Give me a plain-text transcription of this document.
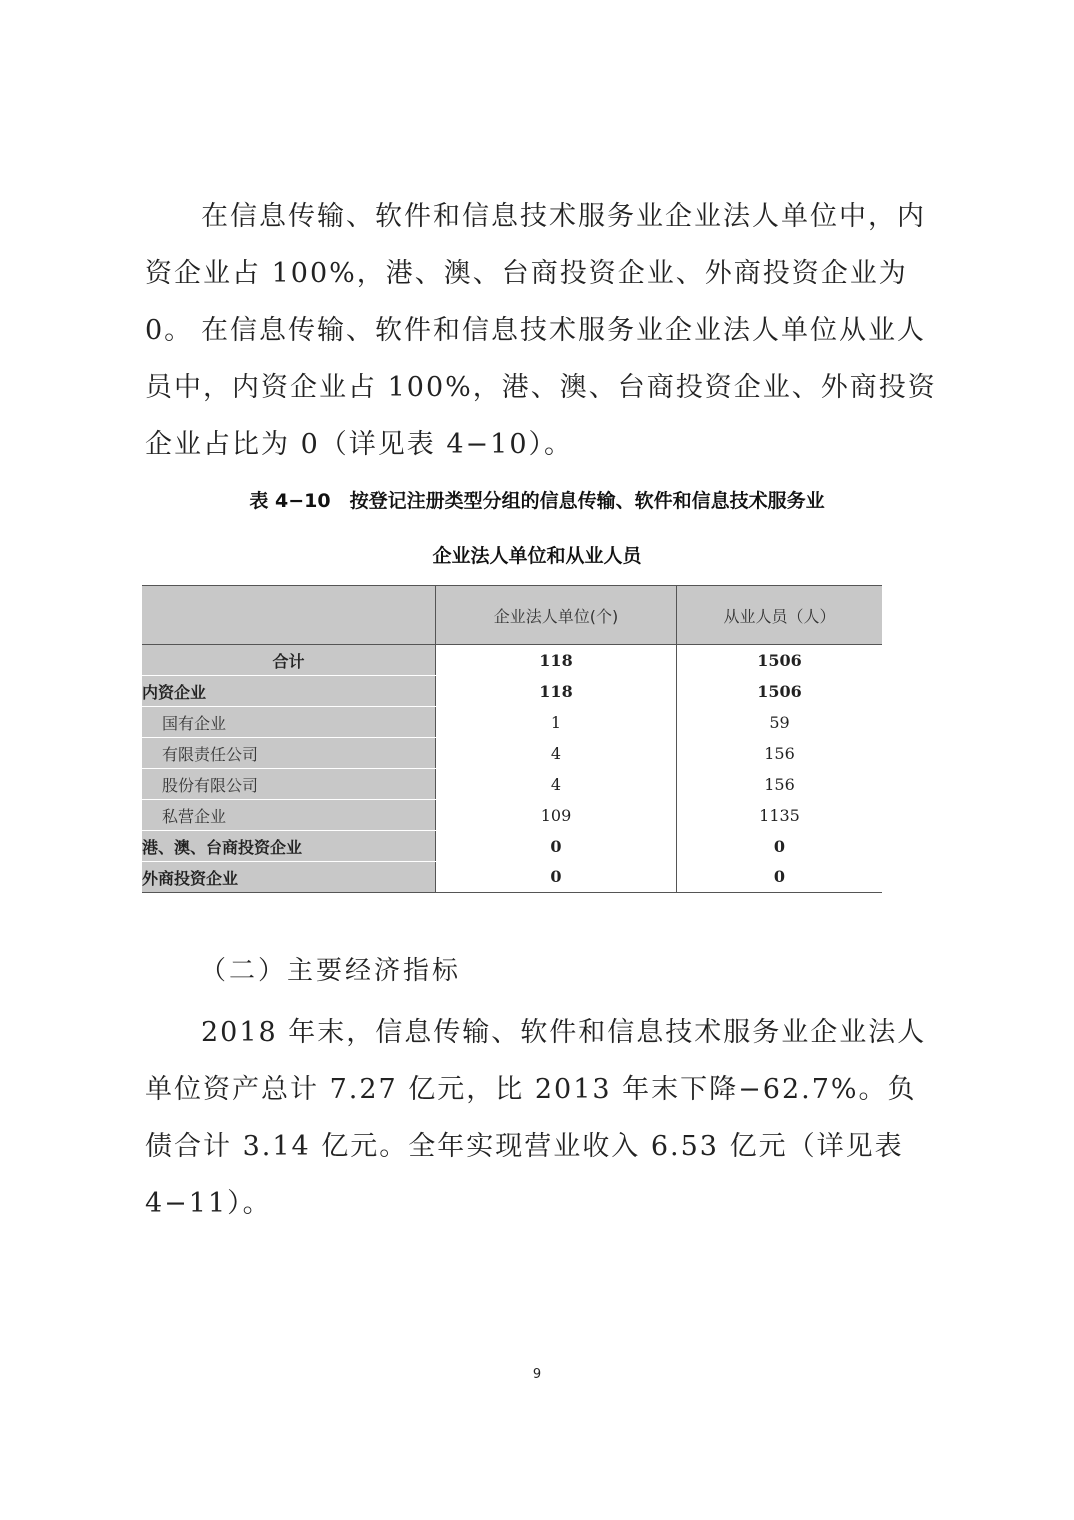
在信息传输、软件和信息技术服务业企业法人单位中，内资企业占 100%，港、澳、台商投资企业、外商投资企业为 0。 在信息传输、软件和信息技术服务业企业法人单位从业人员中，内资企业占 100%，港、澳、台商投资企业、外商投资企业占比为 0（详见表 4−10）。

表 4−10　按登记注册类型分组的信息传输、软件和信息技术服务业
企业法人单位和从业人员
	企业法人单位(个)	从业人员（人）
合计	118	1506
内资企业	118	1506
国有企业	1	59
有限责任公司	4	156
股份有限公司	4	156
私营企业	109	1135
港、澳、台商投资企业	0	0
外商投资企业	0	0
（二）主要经济指标

2018 年末，信息传输、软件和信息技术服务业企业法人单位资产总计 7.27 亿元，比 2013 年末下降−62.7%。负债合计 3.14 亿元。全年实现营业收入 6.53 亿元（详见表 4−11）。

9
